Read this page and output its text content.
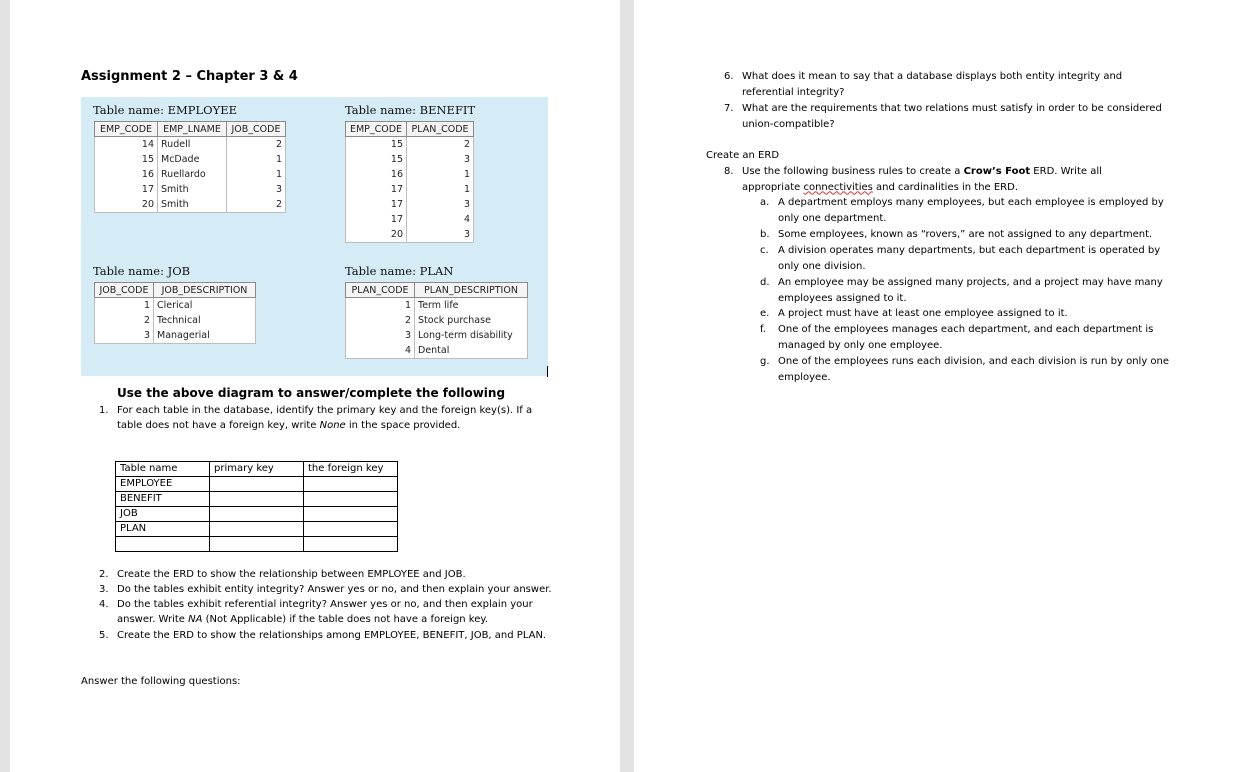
Assignment 2 – Chapter 3 & 4
Table name: EMPLOYEE
EMP_CODE	EMP_LNAME	JOB_CODE
14	Rudell	2
15	McDade	1
16	Ruellardo	1
17	Smith	3
20	Smith	2
Table name: BENEFIT
EMP_CODE	PLAN_CODE
15	2
15	3
16	1
17	1
17	3
17	4
20	3
Table name: JOB
JOB_CODE	JOB_DESCRIPTION
1	Clerical
2	Technical
3	Managerial
Table name: PLAN
PLAN_CODE	PLAN_DESCRIPTION
1	Term life
2	Stock purchase
3	Long-term disability
4	Dental
Use the above diagram to answer/complete the following
1. For each table in the database, identify the primary key and the foreign key(s). If a table does not have a foreign key, write None in the space provided.
Table name	primary key	the foreign key
EMPLOYEE		
BENEFIT		
JOB		
PLAN		

2. Create the ERD to show the relationship between EMPLOYEE and JOB.
3. Do the tables exhibit entity integrity? Answer yes or no, and then explain your answer.
4. Do the tables exhibit referential integrity? Answer yes or no, and then explain your answer. Write NA (Not Applicable) if the table does not have a foreign key.
5. Create the ERD to show the relationships among EMPLOYEE, BENEFIT, JOB, and PLAN.

Answer the following questions:

6. What does it mean to say that a database displays both entity integrity and referential integrity?
7. What are the requirements that two relations must satisfy in order to be considered union-compatible?

Create an ERD

8. Use the following business rules to create a Crow’s Foot ERD. Write all appropriate connectivities and cardinalities in the ERD.
a. A department employs many employees, but each employee is employed by only one department.
b. Some employees, known as “rovers,” are not assigned to any department.
c. A division operates many departments, but each department is operated by only one division.
d. An employee may be assigned many projects, and a project may have many employees assigned to it.
e. A project must have at least one employee assigned to it.
f. One of the employees manages each department, and each department is managed by only one employee.
g. One of the employees runs each division, and each division is run by only one employee.
